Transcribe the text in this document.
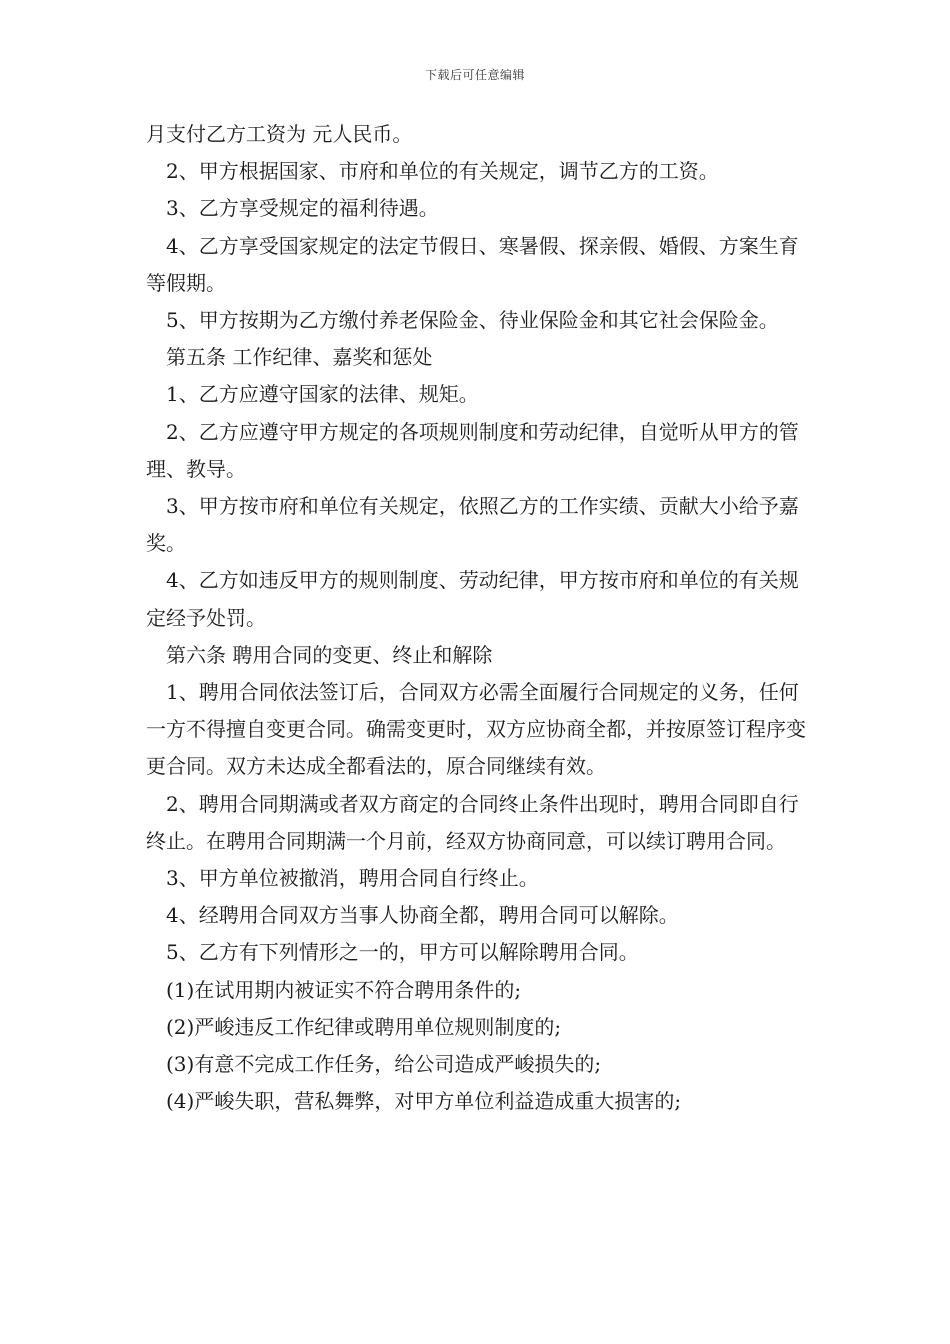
下载后可任意编辑

月支付乙方工资为 元人民币。

2、甲方根据国家、市府和单位的有关规定，调节乙方的工资。

3、乙方享受规定的福利待遇。

4、乙方享受国家规定的法定节假日、寒暑假、探亲假、婚假、方案生育等假期。

5、甲方按期为乙方缴付养老保险金、待业保险金和其它社会保险金。

第五条 工作纪律、嘉奖和惩处

1、乙方应遵守国家的法律、规矩。

2、乙方应遵守甲方规定的各项规则制度和劳动纪律，自觉听从甲方的管理、教导。

3、甲方按市府和单位有关规定，依照乙方的工作实绩、贡献大小给予嘉奖。

4、乙方如违反甲方的规则制度、劳动纪律，甲方按市府和单位的有关规定经予处罚。

第六条 聘用合同的变更、终止和解除

1、聘用合同依法签订后，合同双方必需全面履行合同规定的义务，任何一方不得擅自变更合同。确需变更时，双方应协商全都，并按原签订程序变更合同。双方未达成全都看法的，原合同继续有效。

2、聘用合同期满或者双方商定的合同终止条件出现时，聘用合同即自行终止。在聘用合同期满一个月前，经双方协商同意，可以续订聘用合同。

3、甲方单位被撤消，聘用合同自行终止。

4、经聘用合同双方当事人协商全都，聘用合同可以解除。

5、乙方有下列情形之一的，甲方可以解除聘用合同。

(1)在试用期内被证实不符合聘用条件的;

(2)严峻违反工作纪律或聘用单位规则制度的;

(3)有意不完成工作任务，给公司造成严峻损失的;

(4)严峻失职，营私舞弊，对甲方单位利益造成重大损害的;
